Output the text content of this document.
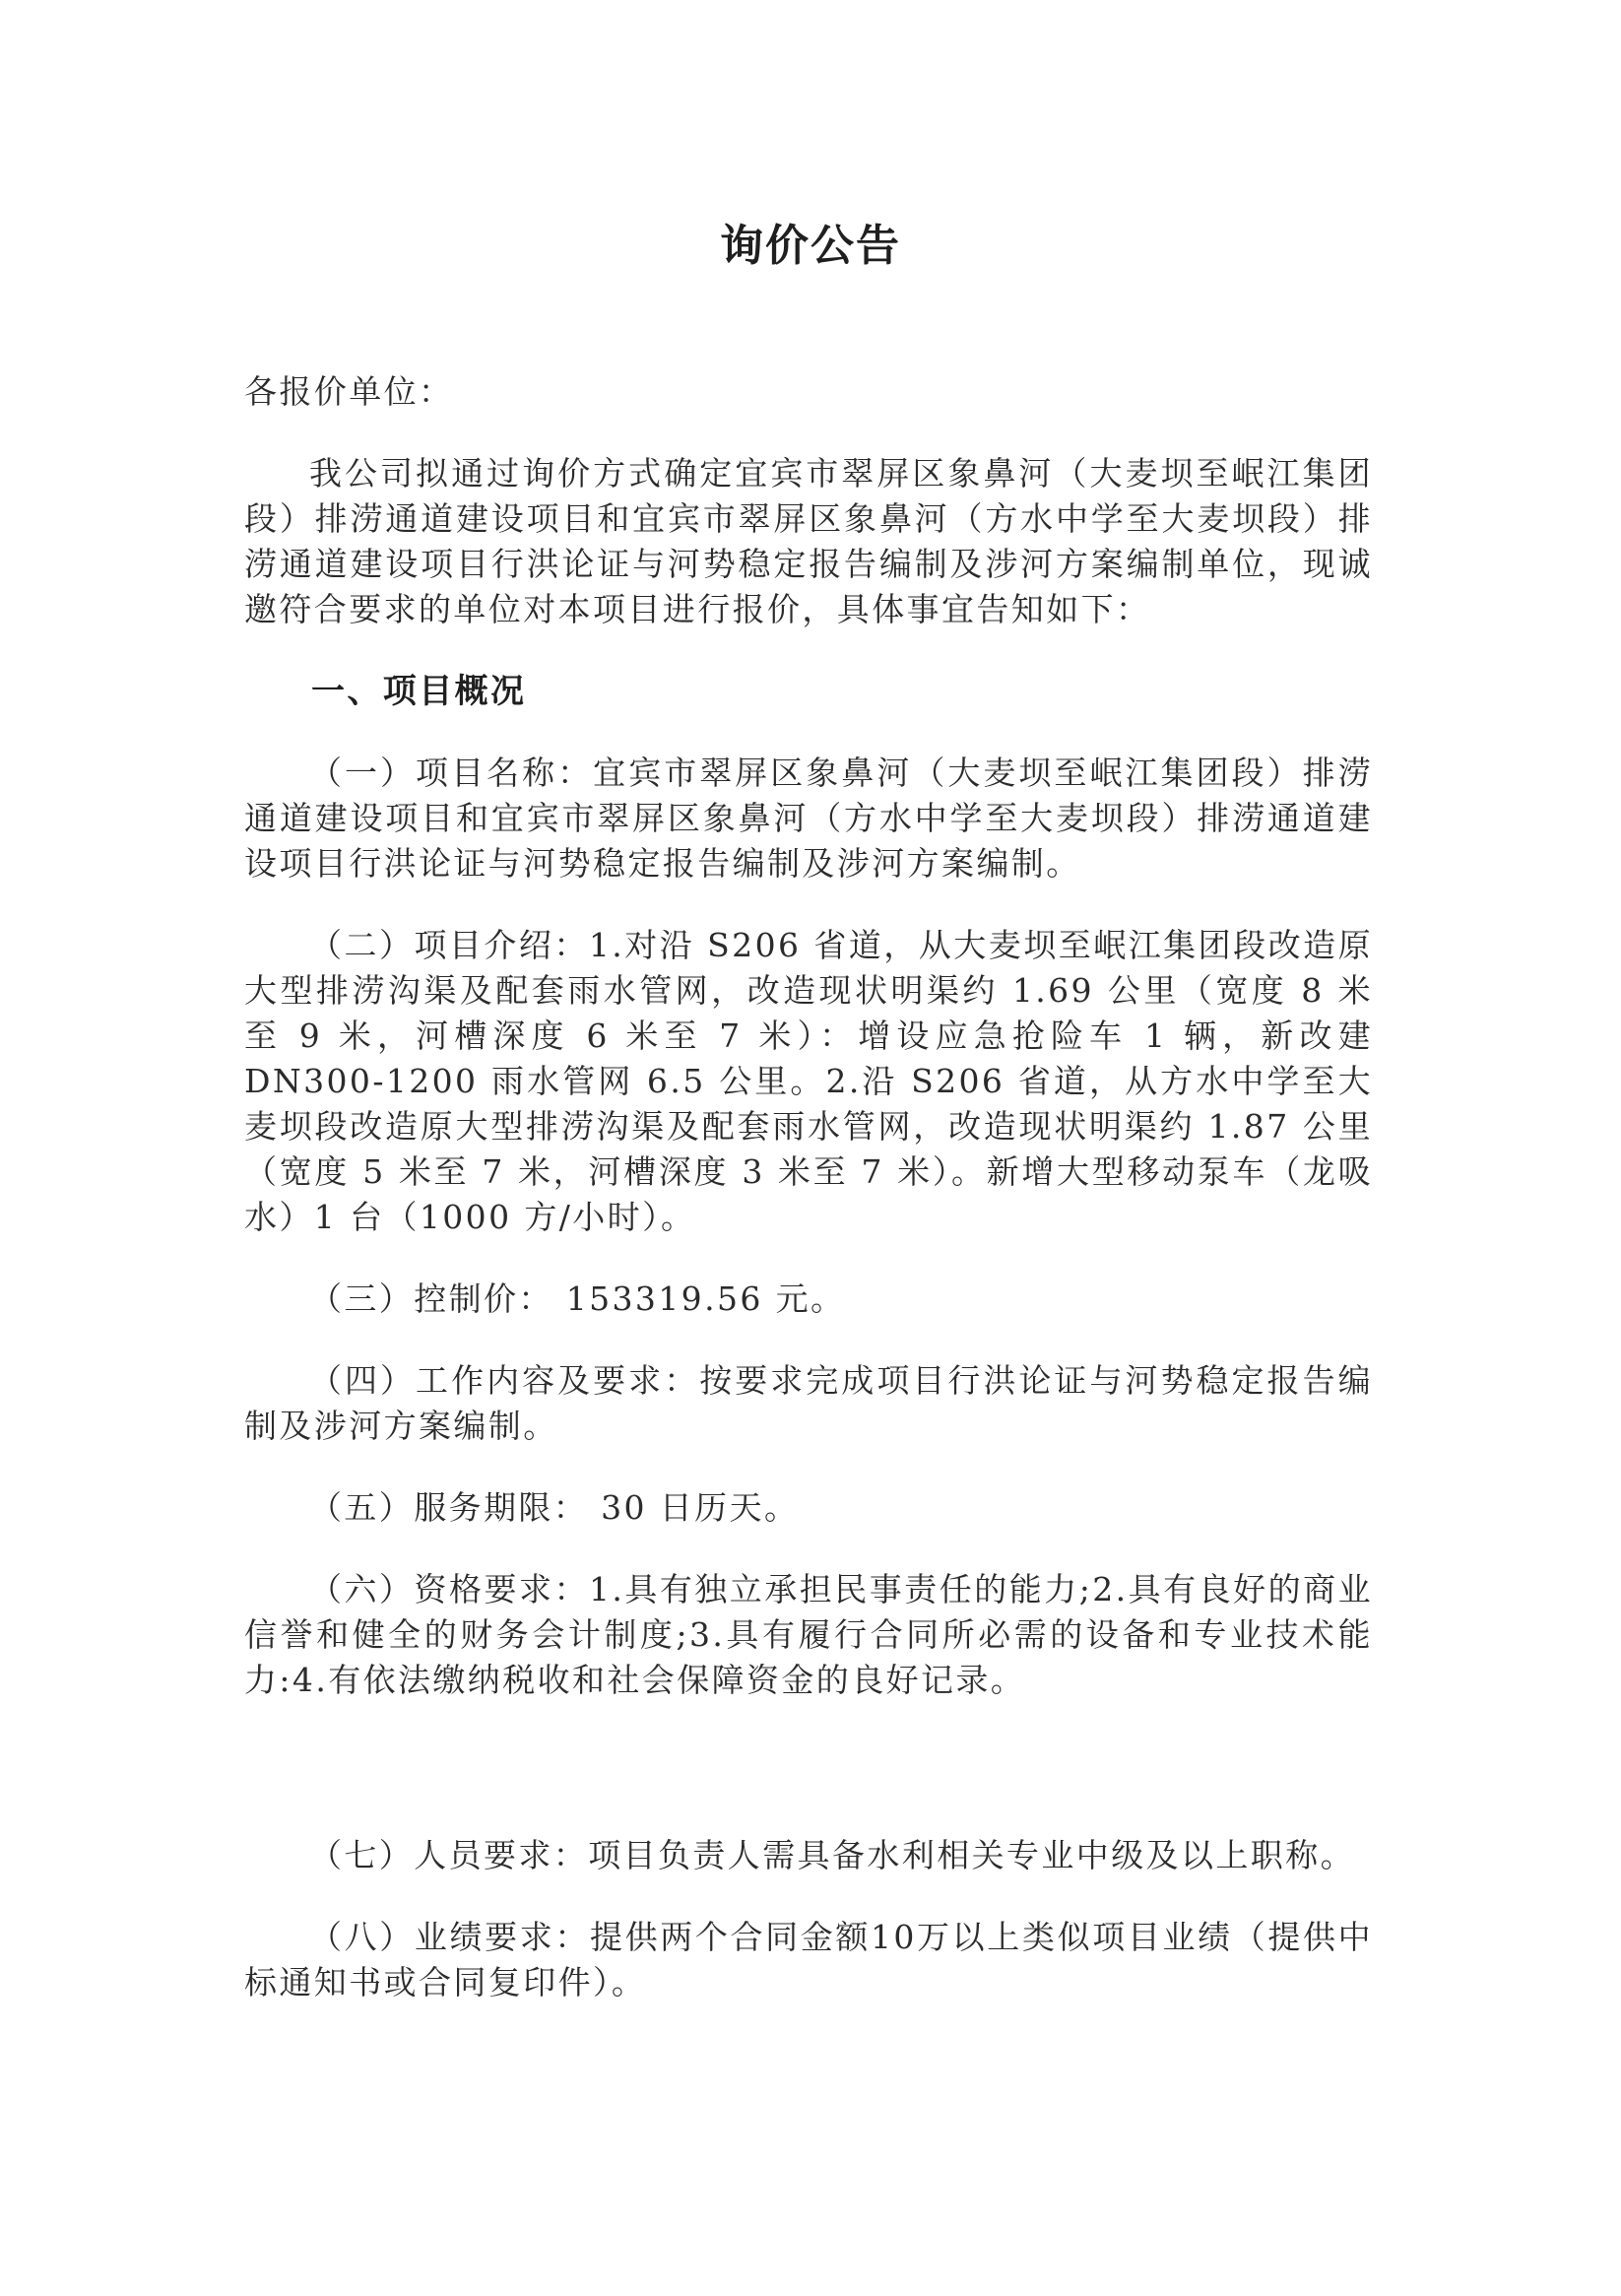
询价公告

各报价单位：

我公司拟通过询价方式确定宜宾市翠屏区象鼻河（大麦坝至岷江集团段）排涝通道建设项目和宜宾市翠屏区象鼻河（方水中学至大麦坝段）排涝通道建设项目行洪论证与河势稳定报告编制及涉河方案编制单位，现诚邀符合要求的单位对本项目进行报价，具体事宜告知如下：

一、项目概况

（一）项目名称：宜宾市翠屏区象鼻河（大麦坝至岷江集团段）排涝通道建设项目和宜宾市翠屏区象鼻河（方水中学至大麦坝段）排涝通道建设项目行洪论证与河势稳定报告编制及涉河方案编制。

（二）项目介绍：1.对沿 S206 省道，从大麦坝至岷江集团段改造原大型排涝沟渠及配套雨水管网，改造现状明渠约 1.69 公里（宽度 8 米至 9 米，河槽深度 6 米至 7 米）：增设应急抢险车 1 辆，新改建 DN300-1200 雨水管网 6.5 公里。2.沿 S206 省道，从方水中学至大麦坝段改造原大型排涝沟渠及配套雨水管网，改造现状明渠约 1.87 公里（宽度 5 米至 7 米，河槽深度 3 米至 7 米）。新增大型移动泵车（龙吸水）1 台（1000 方/小时）。

（三）控制价： 153319.56 元。

（四）工作内容及要求：按要求完成项目行洪论证与河势稳定报告编制及涉河方案编制。

（五）服务期限： 30 日历天。

（六）资格要求：1.具有独立承担民事责任的能力;2.具有良好的商业信誉和健全的财务会计制度;3.具有履行合同所必需的设备和专业技术能力:4.有依法缴纳税收和社会保障资金的良好记录。

（七）人员要求：项目负责人需具备水利相关专业中级及以上职称。

（八）业绩要求：提供两个合同金额10万以上类似项目业绩（提供中标通知书或合同复印件）。
